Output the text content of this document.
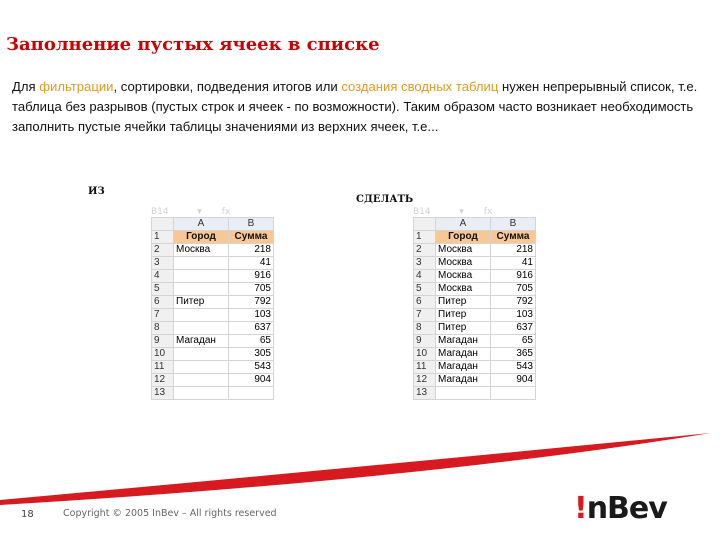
Заполнение пустых ячеек в списке

Для фильтрации, сортировки, подведения итогов или создания сводных таблиц нужен непрерывный список, т.е. таблица без разрывов (пустых строк и ячеек - по возможности). Таким образом часто возникает необходимость заполнить пустые ячейки таблицы значениями из верхних ячеек, т.е...

ИЗ
СДЕЛАТЬ
B14          ▾       fx
	A	B	
1	Город	Сумма	
2	Москва	218	
3		41	
4		916	
5		705	
6	Питер	792	
7		103	
8		637	
9	Магадан	65	
10		305	
11		543	
12		904	
13			
B14          ▾       fx
	A	B	
1	Город	Сумма	
2	Москва	218	
3	Москва	41	
4	Москва	916	
5	Москва	705	
6	Питер	792	
7	Питер	103	
8	Питер	637	
9	Магадан	65	
10	Магадан	365	
11	Магадан	543	
12	Магадан	904	
13			
18	Copyright © 2005 InBev – All rights reserved	!nBev
